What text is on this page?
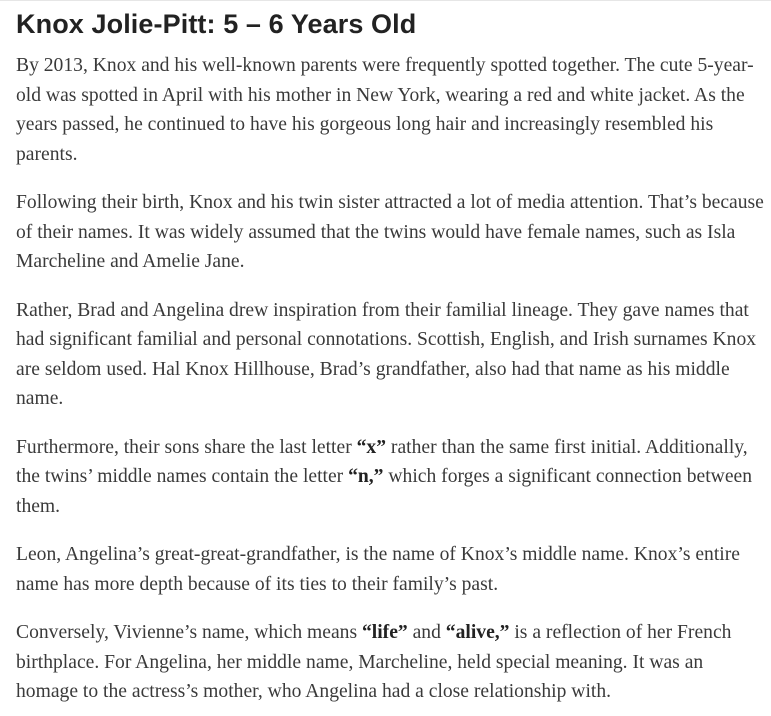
Knox Jolie-Pitt: 5 – 6 Years Old

By 2013, Knox and his well-known parents were frequently spotted together. The cute 5-year-old was spotted in April with his mother in New York, wearing a red and white jacket. As the years passed, he continued to have his gorgeous long hair and increasingly resembled his parents.

Following their birth, Knox and his twin sister attracted a lot of media attention. That’s because of their names. It was widely assumed that the twins would have female names, such as Isla Marcheline and Amelie Jane.

Rather, Brad and Angelina drew inspiration from their familial lineage. They gave names that had significant familial and personal connotations. Scottish, English, and Irish surnames Knox are seldom used. Hal Knox Hillhouse, Brad’s grandfather, also had that name as his middle name.

Furthermore, their sons share the last letter “x” rather than the same first initial. Additionally, the twins’ middle names contain the letter “n,” which forges a significant connection between them.

Leon, Angelina’s great-great-grandfather, is the name of Knox’s middle name. Knox’s entire name has more depth because of its ties to their family’s past.

Conversely, Vivienne’s name, which means “life” and “alive,” is a reflection of her French birthplace. For Angelina, her middle name, Marcheline, held special meaning. It was an homage to the actress’s mother, who Angelina had a close relationship with.
